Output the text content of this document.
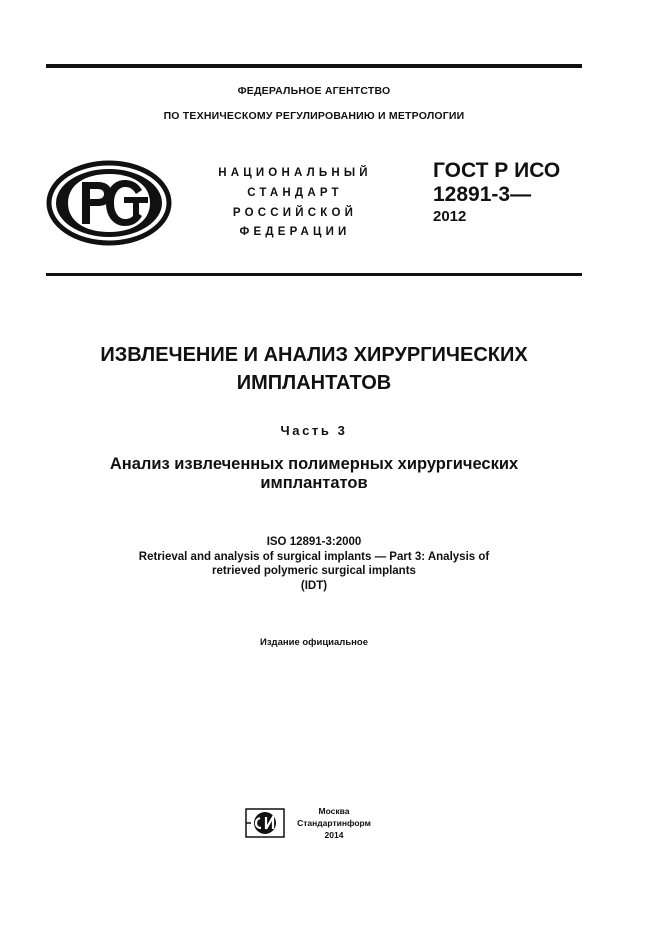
ФЕДЕРАЛЬНОЕ АГЕНТСТВО
ПО ТЕХНИЧЕСКОМУ РЕГУЛИРОВАНИЮ И МЕТРОЛОГИИ
НАЦИОНАЛЬНЫЙ
СТАНДАРТ
РОССИЙСКОЙ
ФЕДЕРАЦИИ
ГОСТ Р ИСО
12891-3—
2012
ИЗВЛЕЧЕНИЕ И АНАЛИЗ ХИРУРГИЧЕСКИХ
ИМПЛАНТАТОВ
Часть 3
Анализ извлеченных полимерных хирургических
имплантатов
ISO 12891-3:2000
Retrieval and analysis of surgical implants — Part 3: Analysis of
retrieved polymeric surgical implants
(IDT)
Издание официальное
Москва
Стандартинформ
2014
